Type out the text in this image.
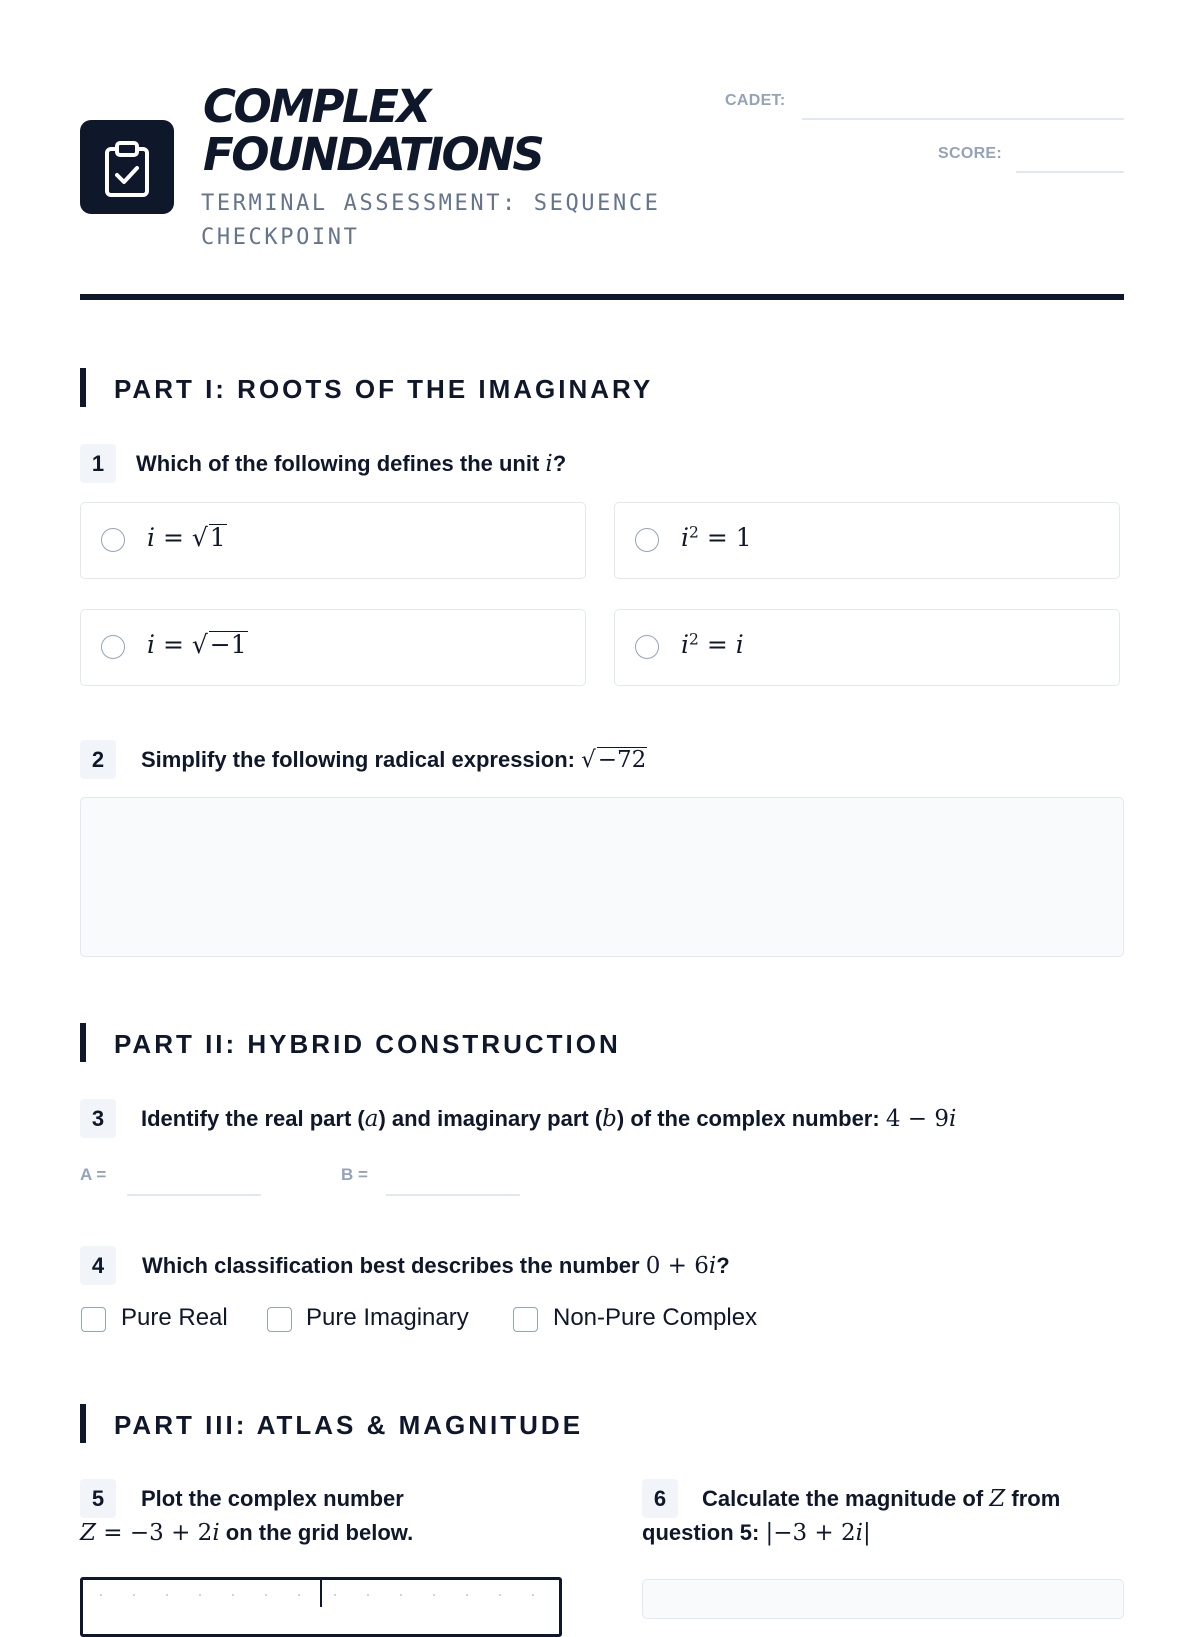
COMPLEX
FOUNDATIONS
TERMINAL ASSESSMENT: SEQUENCE CHECKPOINT
CADET:
SCORE:
PART I: ROOTS OF THE IMAGINARY
1	Which of the following defines the unit i?
i = √1	$i^2 = 1$
i = √−1	$i^2 = i$
2	Simplify the following radical expression: √−72
PART II: HYBRID CONSTRUCTION
3	Identify the real part (a) and imaginary part (b) of the complex number: 4 − 9i
A =	B =
4	Which classification best describes the number 0 + 6i?
Pure Real	Pure Imaginary	Non-Pure Complex
PART III: ATLAS & MAGNITUDE
5	Plot the complex number
Z = −3 + 2i on the grid below.
6	Calculate the magnitude of Z from
question 5: |−3 + 2i|
